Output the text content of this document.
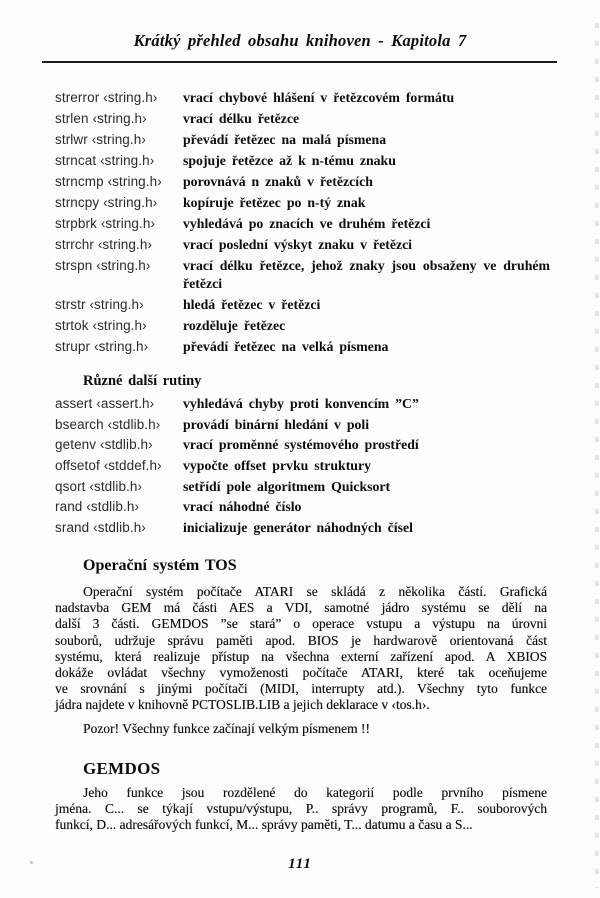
Krátký přehled obsahu knihoven - Kapitola 7
strerror ‹string.h›	vrací chybové hlášení v řetězcovém formátu
strlen ‹string.h›	vrací délku řetězce
strlwr ‹string.h›	převádí řetězec na malá písmena
strncat ‹string.h›	spojuje řetězce až k n-tému znaku
strncmp ‹string.h›	porovnává n znaků v řetězcích
strncpy ‹string.h›	kopíruje řetězec po n-tý znak
strpbrk ‹string.h›	vyhledává po znacích ve druhém řetězci
strrchr ‹string.h›	vrací poslední výskyt znaku v řetězci
strspn ‹string.h›	vrací délku řetězce, jehož znaky jsou obsaženy ve druhém řetězci
strstr ‹string.h›	hledá řetězec v řetězci
strtok ‹string.h›	rozděluje řetězec
strupr ‹string.h›	převádí řetězec na velká písmena
Různé další rutiny
assert ‹assert.h›	vyhledává chyby proti konvencím ”C”
bsearch ‹stdlib.h›	provádí binární hledání v poli
getenv ‹stdlib.h›	vrací proměnné systémového prostředí
offsetof ‹stddef.h›	vypočte offset prvku struktury
qsort ‹stdlib.h›	setřídí pole algoritmem Quicksort
rand ‹stdlib.h›	vrací náhodné číslo
srand ‹stdlib.h›	inicializuje generátor náhodných čísel
Operační systém TOS
Operační systém počítače ATARI se skládá z několika částí. Grafická
nadstavba GEM má části AES a VDI, samotné jádro systému se dělí na
další 3 části. GEMDOS ”se stará” o operace vstupu a výstupu na úrovni
souborů, udržuje správu paměti apod. BIOS je hardwarově orientovaná část
systému, která realizuje přístup na všechna externí zařízení apod. A XBIOS
dokáže ovládat všechny vymoženosti počítače ATARI, které tak oceňujeme
ve srovnání s jinými počítači (MIDI, interrupty atd.). Všechny tyto funkce
jádra najdete v knihovně PCTOSLIB.LIB a jejich deklarace v ‹tos.h›.
Pozor! Všechny funkce začínají velkým písmenem !!
GEMDOS
Jeho funkce jsou rozdělené do kategorií podle prvního písmene
jména. C... se týkají vstupu/výstupu, P.. správy programů, F.. souborových
funkcí, D... adresářových funkcí, M... správy paměti, T... datumu a času a S...
111
